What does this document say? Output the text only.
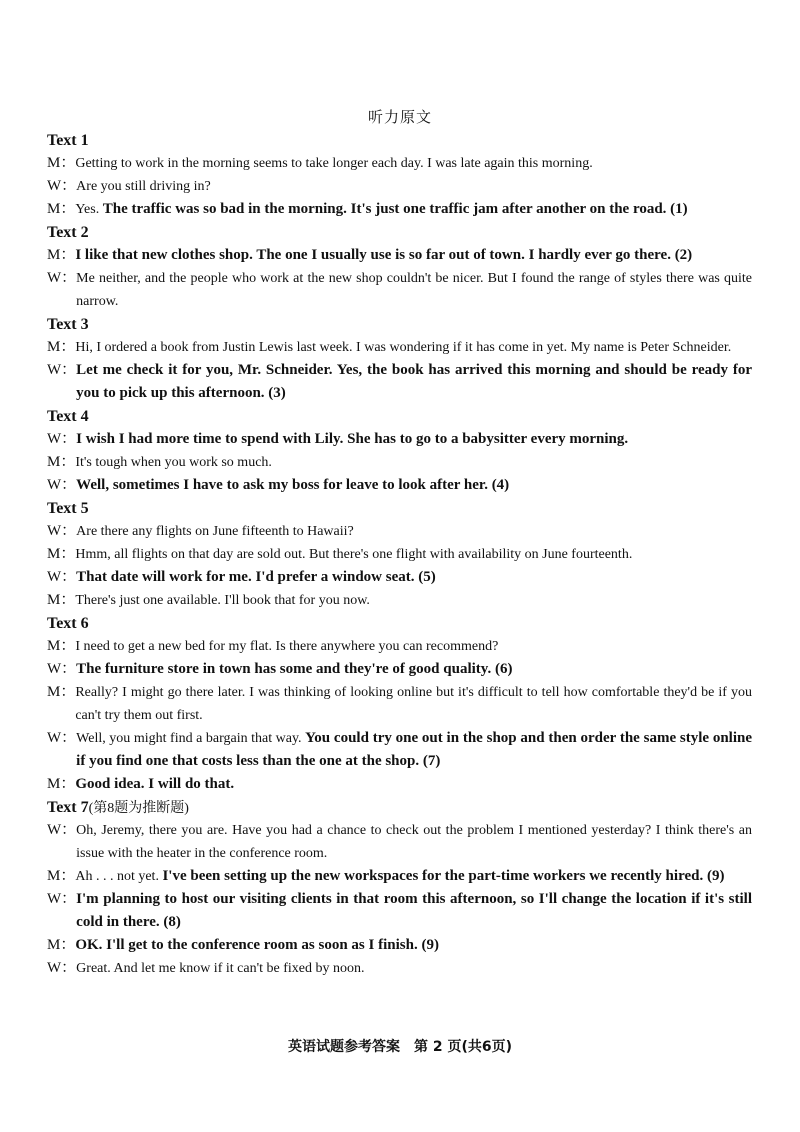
听力原文
Text 1
M： Getting to work in the morning seems to take longer each day. I was late again this morning.
W： Are you still driving in?
M： Yes. The traffic was so bad in the morning. It's just one traffic jam after another on the road. (1)
Text 2
M： I like that new clothes shop. The one I usually use is so far out of town. I hardly ever go there. (2)
W： Me neither, and the people who work at the new shop couldn't be nicer. But I found the range of styles there was quite narrow.
Text 3
M： Hi, I ordered a book from Justin Lewis last week. I was wondering if it has come in yet. My name is Peter Schneider.
W： Let me check it for you, Mr. Schneider. Yes, the book has arrived this morning and should be ready for you to pick up this afternoon. (3)
Text 4
W： I wish I had more time to spend with Lily. She has to go to a babysitter every morning.
M： It's tough when you work so much.
W： Well, sometimes I have to ask my boss for leave to look after her. (4)
Text 5
W： Are there any flights on June fifteenth to Hawaii?
M： Hmm, all flights on that day are sold out. But there's one flight with availability on June fourteenth.
W： That date will work for me. I'd prefer a window seat. (5)
M： There's just one available. I'll book that for you now.
Text 6
M： I need to get a new bed for my flat. Is there anywhere you can recommend?
W： The furniture store in town has some and they're of good quality. (6)
M： Really? I might go there later. I was thinking of looking online but it's difficult to tell how comfortable they'd be if you can't try them out first.
W： Well, you might find a bargain that way. You could try one out in the shop and then order the same style online if you find one that costs less than the one at the shop. (7)
M： Good idea. I will do that.
Text 7(第8题为推断题)
W： Oh, Jeremy, there you are. Have you had a chance to check out the problem I mentioned yesterday? I think there's an issue with the heater in the conference room.
M： Ah . . . not yet. I've been setting up the new workspaces for the part-time workers we recently hired. (9)
W： I'm planning to host our visiting clients in that room this afternoon, so I'll change the location if it's still cold in there. (8)
M： OK. I'll get to the conference room as soon as I finish. (9)
W： Great. And let me know if it can't be fixed by noon.
英语试题参考答案　第 2 页(共6页)
